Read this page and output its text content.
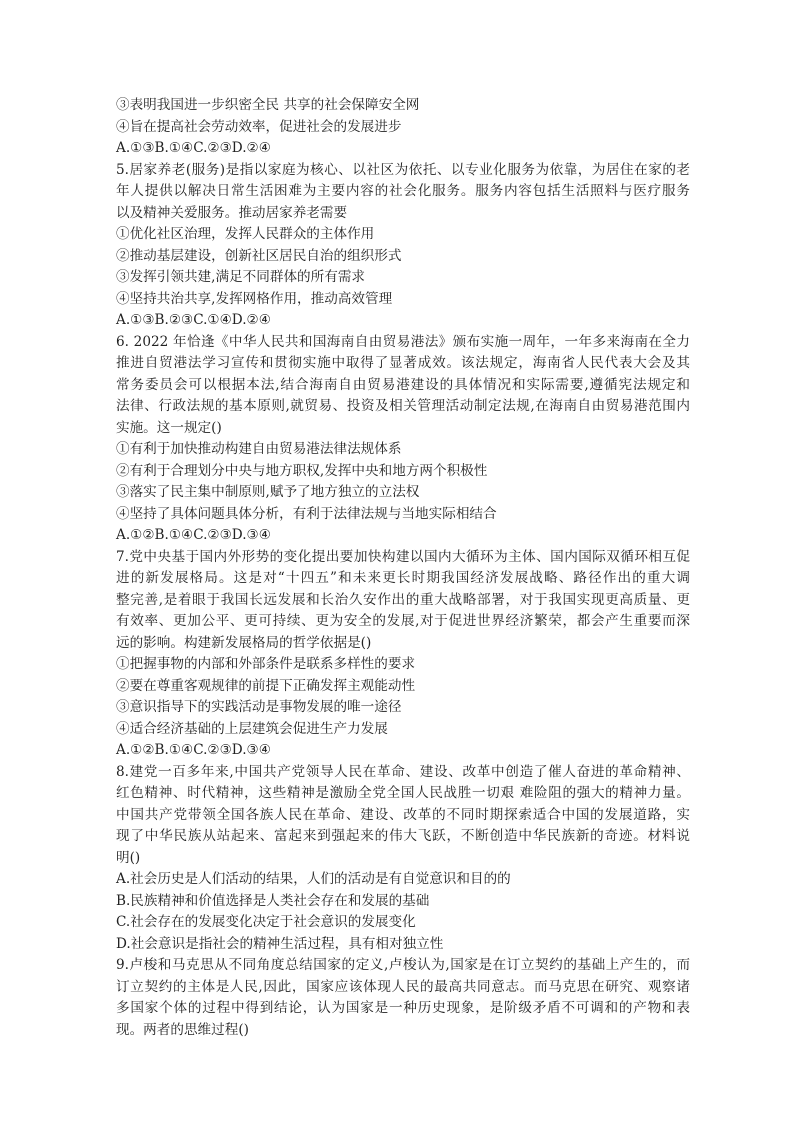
③表明我国进一步织密全民 共享的社会保障安全网
④旨在提高社会劳动效率，促进社会的发展进步
A.①③B.①④C.②③D.②④
5.居家养老(服务)是指以家庭为核心、以社区为依托、以专业化服务为依靠，为居住在家的老
年人提供以解决日常生活困难为主要内容的社会化服务。服务内容包括生活照料与医疗服务
以及精神关爱服务。推动居家养老需要
①优化社区治理，发挥人民群众的主体作用
②推动基层建设，创新社区居民自治的组织形式
③发挥引领共建,满足不同群体的所有需求
④坚持共治共享,发挥网格作用，推动高效管理
A.①③B.②③C.①④D.②④
6. 2022 年恰逢《中华人民共和国海南自由贸易港法》颁布实施一周年，一年多来海南在全力
推进自贸港法学习宣传和贯彻实施中取得了显著成效。该法规定，海南省人民代表大会及其
常务委员会可以根据本法,结合海南自由贸易港建设的具体情况和实际需要,遵循宪法规定和
法律、行政法规的基本原则,就贸易、投资及相关管理活动制定法规,在海南自由贸易港范围内
实施。这一规定()
①有利于加快推动构建自由贸易港法律法规体系
②有利于合理划分中央与地方职权,发挥中央和地方两个积极性
③落实了民主集中制原则,赋予了地方独立的立法权
④坚持了具体问题具体分析，有利于法律法规与当地实际相结合
A.①②B.①④C.②③D.③④
7.党中央基于国内外形势的变化提出要加快构建以国内大循环为主体、国内国际双循环相互促
进的新发展格局。这是对“十四五”和未来更长时期我国经济发展战略、路径作出的重大调
整完善,是着眼于我国长远发展和长治久安作出的重大战略部署，对于我国实现更高质量、更
有效率、更加公平、更可持续、更为安全的发展,对于促进世界经济繁荣，都会产生重要而深
远的影响。构建新发展格局的哲学依据是()
①把握事物的内部和外部条件是联系多样性的要求
②要在尊重客观规律的前提下正确发挥主观能动性
③意识指导下的实践活动是事物发展的唯一途径
④适合经济基础的上层建筑会促进生产力发展
A.①②B.①④C.②③D.③④
8.建党一百多年来,中国共产党领导人民在革命、建设、改革中创造了催人奋进的革命精神、
红色精神、时代精神，这些精神是激励全党全国人民战胜一切艰 难险阻的强大的精神力量。
中国共产党带领全国各族人民在革命、建设、改革的不同时期探索适合中国的发展道路，实
现了中华民族从站起来、富起来到强起来的伟大飞跃，不断创造中华民族新的奇迹。材料说
明()
A.社会历史是人们活动的结果，人们的活动是有自觉意识和目的的
B.民族精神和价值选择是人类社会存在和发展的基础
C.社会存在的发展变化决定于社会意识的发展变化
D.社会意识是指社会的精神生活过程，具有相对独立性
9.卢梭和马克思从不同角度总结国家的定义,卢梭认为,国家是在订立契约的基础上产生的，而
订立契约的主体是人民,因此，国家应该体现人民的最高共同意志。而马克思在研究、观察诸
多国家个体的过程中得到结论，认为国家是一种历史现象，是阶级矛盾不可调和的产物和表
现。两者的思维过程()
